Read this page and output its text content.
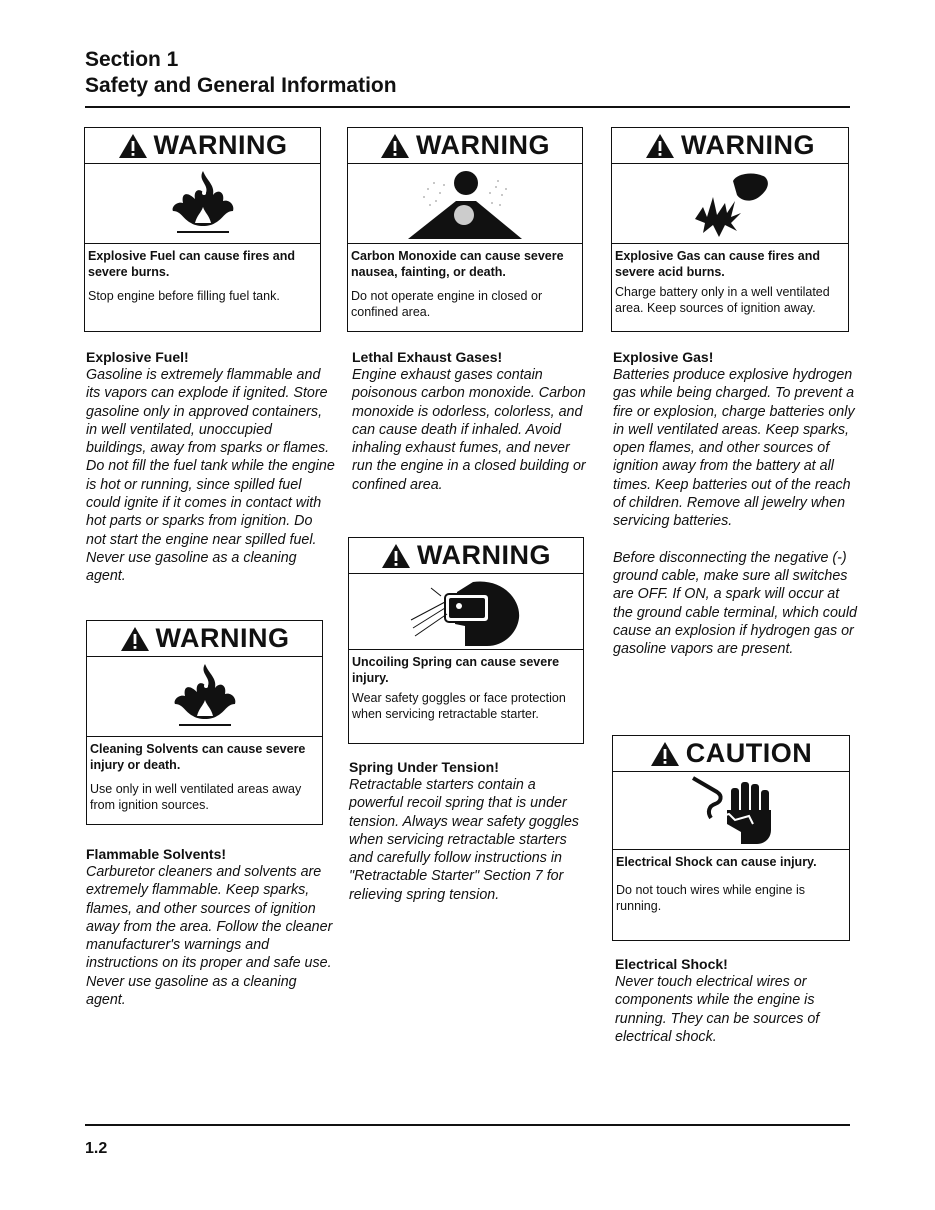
Section 1
Safety and General Information
WARNING
Explosive Fuel can cause fires and severe burns.
Stop engine before filling fuel tank.
WARNING
Carbon Monoxide can cause severe nausea, fainting, or death.
Do not operate engine in closed or confined area.
WARNING
Explosive Gas can cause fires and severe acid burns.
Charge battery only in a well ventilated area. Keep sources of ignition away.
Explosive Fuel!
Gasoline is extremely flammable and its vapors can explode if ignited. Store gasoline only in approved containers, in well ventilated, unoccupied buildings, away from sparks or flames. Do not fill the fuel tank while the engine is hot or running, since spilled fuel could ignite if it comes in contact with hot parts or sparks from ignition. Do not start the engine near spilled fuel. Never use gasoline as a cleaning agent.
Lethal Exhaust Gases!
Engine exhaust gases contain poisonous carbon monoxide. Carbon monoxide is odorless, colorless, and can cause death if inhaled. Avoid inhaling exhaust fumes, and never run the engine in a closed building or confined area.
Explosive Gas!
Batteries produce explosive hydrogen gas while being charged. To prevent a fire or explosion, charge batteries only in well ventilated areas. Keep sparks, open flames, and other sources of ignition away from the battery at all times. Keep batteries out of the reach of children. Remove all jewelry when servicing batteries.
Before disconnecting the negative (-) ground cable, make sure all switches are OFF. If ON, a spark will occur at the ground cable terminal, which could cause an explosion if hydrogen gas or gasoline vapors are present.
WARNING
Cleaning Solvents can cause severe injury or death.
Use only in well ventilated areas away from ignition sources.
WARNING
Uncoiling Spring can cause severe injury.
Wear safety goggles or face protection when servicing retractable starter.
Spring Under Tension!
Retractable starters contain a powerful recoil spring that is under tension. Always wear safety goggles when servicing retractable starters and carefully follow instructions in "Retractable Starter" Section 7 for relieving spring tension.
CAUTION
Electrical Shock can cause injury.
Do not touch wires while engine is running.
Flammable Solvents!
Carburetor cleaners and solvents are extremely flammable. Keep sparks, flames, and other sources of ignition away from the area. Follow the cleaner manufacturer's warnings and instructions on its proper and safe use. Never use gasoline as a cleaning agent.
Electrical Shock!
Never touch electrical wires or components while the engine is running. They can be sources of electrical shock.
1.2
